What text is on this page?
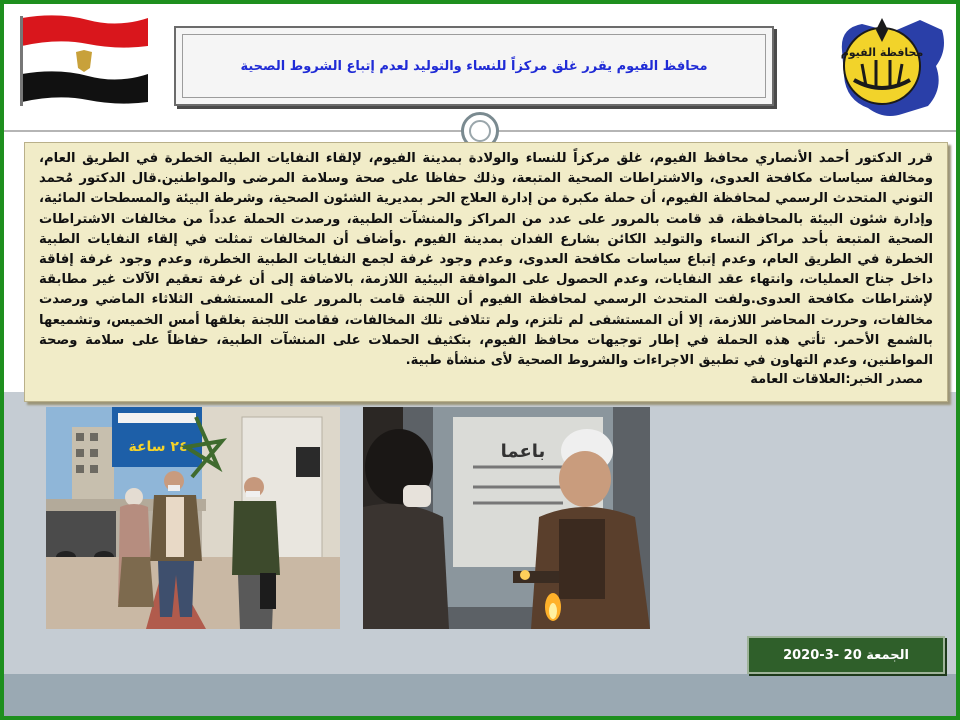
محافظة الفيوم
محافظ الفيوم يقرر غلق مركزاً للنساء والتوليد لعدم إتباع الشروط الصحية

قرر الدكتور أحمد الأنصاري محافظ الفيوم، غلق مركزاً للنساء والولادة بمدينة الفيوم، لإلقاء النفايات الطبية الخطرة في الطريق العام، ومخالفة سياسات مكافحة العدوى، والاشتراطات الصحية المتبعة، وذلك حفاظا على صحة وسلامة المرضى والمواطنين.قال الدكتور مُحمد التوني المتحدث الرسمي لمحافظة الفيوم، أن حملة مكبرة من إدارة العلاج الحر بمديرية الشئون الصحية، وشرطة البيئة والمسطحات المائية، وإدارة شئون البيئة بالمحافظة، قد قامت بالمرور على عدد من المراكز والمنشآت الطبية، ورصدت الحملة عدداً من مخالفات الاشتراطات الصحية المتبعة بأحد مراكز النساء والتوليد الكائن بشارع الفدان بمدينة الفيوم .وأضاف أن المخالفات تمثلت في إلقاء النفايات الطبية الخطرة في الطريق العام، وعدم إتباع سياسات مكافحة العدوى، وعدم وجود غرفة لجمع النفايات الطبية الخطرة، وعدم وجود غرفة إفاقة داخل جناح العمليات، وانتهاء عقد النفايات، وعدم الحصول على الموافقة البيئية اللازمة، بالاضافة إلى أن غرفة تعقيم الآلات غير مطابقة لإشتراطات مكافحة العدوى.ولفت المتحدث الرسمي لمحافظة الفيوم أن اللجنة قامت بالمرور على المستشفى الثلاثاء الماضي ورصدت مخالفات، وحررت المحاضر اللازمة، إلا أن المستشفى لم تلتزم، ولم تتلافى تلك المخالفات، فقامت اللجنة بغلقها أمس الخميس، وتشميعها بالشمع الأحمر. تأتي هذه الحملة في إطار توجيهات محافظ الفيوم، بتكثيف الحملات على المنشآت الطبية، حفاظاً على سلامة وصحة المواطنين، وعدم التهاون في تطبيق الاجراءات والشروط الصحية لأى منشأة طبية.

مصدر الخبر:العلاقات العامة

٢٤ ساعة	باعما
الجمعة 20 -3-2020
